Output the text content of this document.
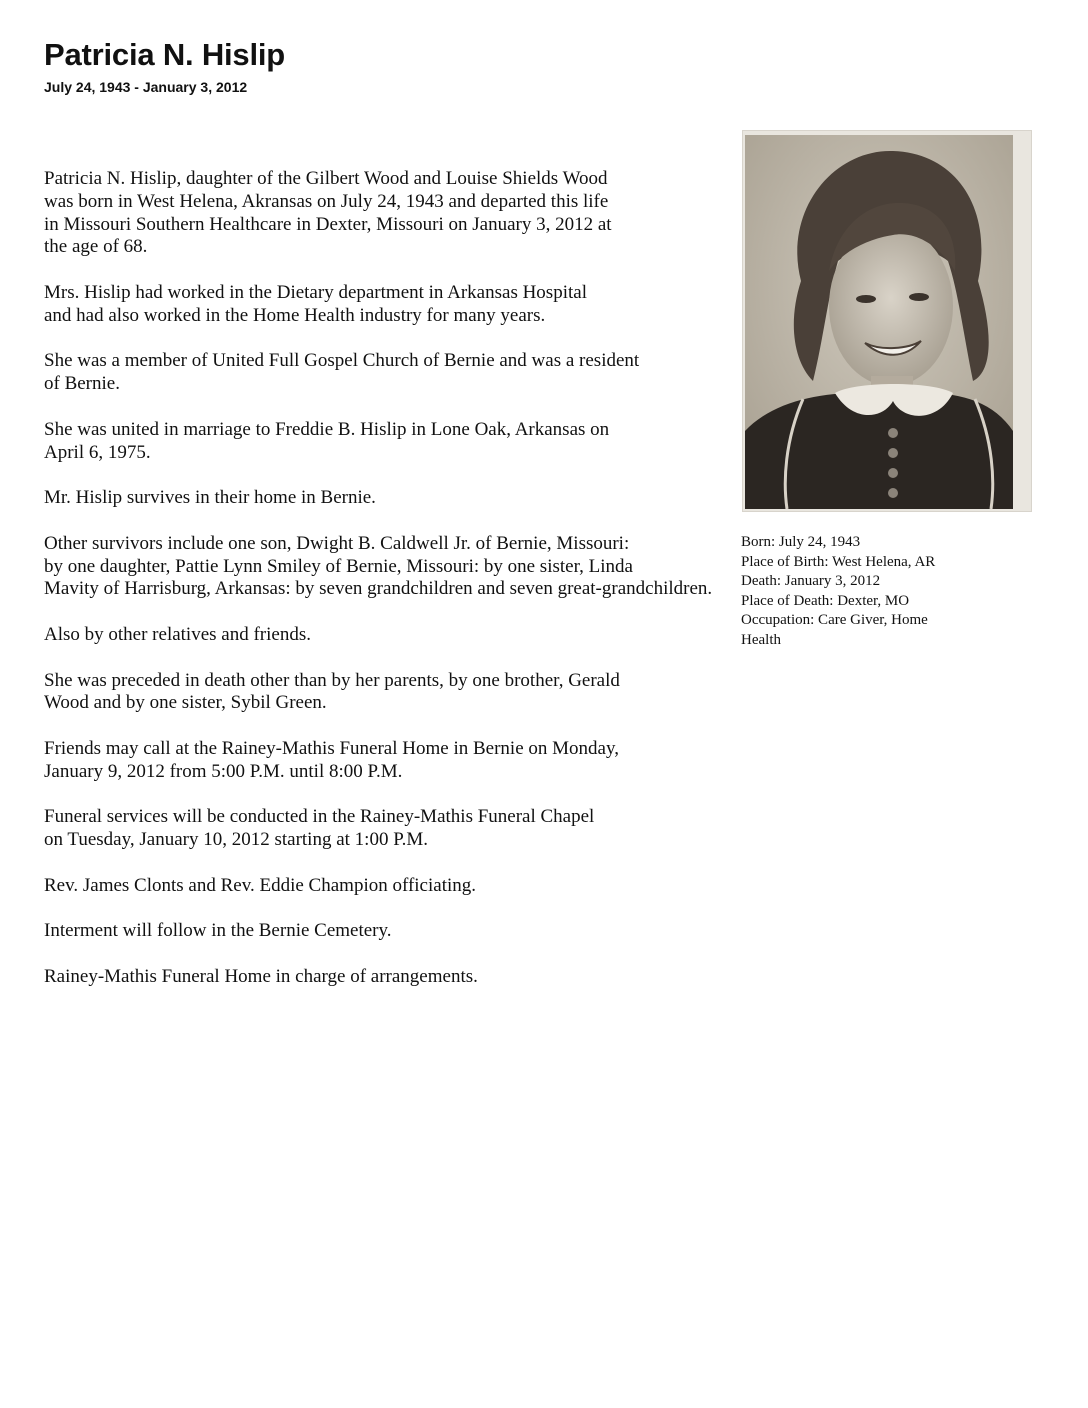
Patricia N. Hislip
July 24, 1943 - January 3, 2012

Patricia N. Hislip, daughter of the Gilbert Wood and Louise Shields Wood
was born in West Helena, Akransas on July 24, 1943 and departed this life
in Missouri Southern Healthcare in Dexter, Missouri on January 3, 2012 at
the age of 68.

Mrs. Hislip had worked in the Dietary department in Arkansas Hospital
and had also worked in the Home Health industry for many years.

She was a member of United Full Gospel Church of Bernie and was a resident
of Bernie.

She was united in marriage to Freddie B. Hislip in Lone Oak, Arkansas on
April 6, 1975.

Mr. Hislip survives in their home in Bernie.

Other survivors include one son, Dwight B. Caldwell Jr. of Bernie, Missouri:
by one daughter, Pattie Lynn Smiley of Bernie, Missouri: by one sister, Linda
Mavity of Harrisburg, Arkansas: by seven grandchildren and seven great-grandchildren.

Also by other relatives and friends.

She was preceded in death other than by her parents, by one brother, Gerald
Wood and by one sister, Sybil Green.

Friends may call at the Rainey-Mathis Funeral Home in Bernie on Monday,
January 9, 2012 from 5:00 P.M. until 8:00 P.M.

Funeral services will be conducted in the Rainey-Mathis Funeral Chapel
on Tuesday, January 10, 2012 starting at 1:00 P.M.

Rev. James Clonts and Rev. Eddie Champion officiating.

Interment will follow in the Bernie Cemetery.

Rainey-Mathis Funeral Home in charge of arrangements.

Born: July 24, 1943
Place of Birth: West Helena, AR
Death: January 3, 2012
Place of Death: Dexter, MO
Occupation: Care Giver, Home
Health
